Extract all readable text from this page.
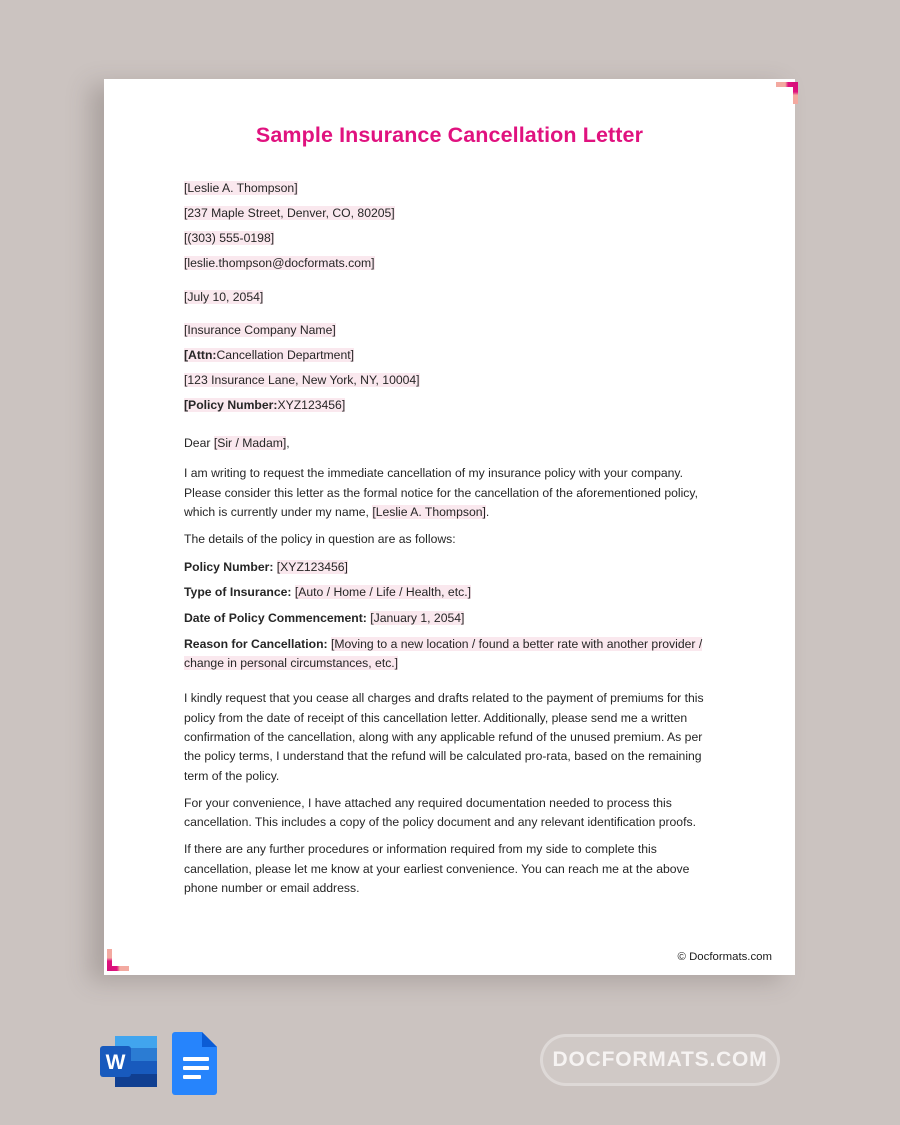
Sample Insurance Cancellation Letter

[Leslie A. Thompson]

[237 Maple Street, Denver, CO, 80205]

[(303) 555-0198]

[leslie.thompson@docformats.com]

[July 10, 2054]

[Insurance Company Name]

[Attn:Cancellation Department]

[123 Insurance Lane, New York, NY, 10004]

[Policy Number:XYZ123456]

Dear [Sir / Madam],

I am writing to request the immediate cancellation of my insurance policy with your company. Please consider this letter as the formal notice for the cancellation of the aforementioned policy, which is currently under my name, [Leslie A. Thompson].

The details of the policy in question are as follows:

Policy Number: [XYZ123456]

Type of Insurance: [Auto / Home / Life / Health, etc.]

Date of Policy Commencement: [January 1, 2054]

Reason for Cancellation: [Moving to a new location / found a better rate with another provider / change in personal circumstances, etc.]

I kindly request that you cease all charges and drafts related to the payment of premiums for this policy from the date of receipt of this cancellation letter. Additionally, please send me a written confirmation of the cancellation, along with any applicable refund of the unused premium. As per the policy terms, I understand that the refund will be calculated pro-rata, based on the remaining term of the policy.

For your convenience, I have attached any required documentation needed to process this cancellation. This includes a copy of the policy document and any relevant identification proofs.

If there are any further procedures or information required from my side to complete this cancellation, please let me know at your earliest convenience. You can reach me at the above phone number or email address.

© Docformats.com
W	DOCFORMATS.COM
